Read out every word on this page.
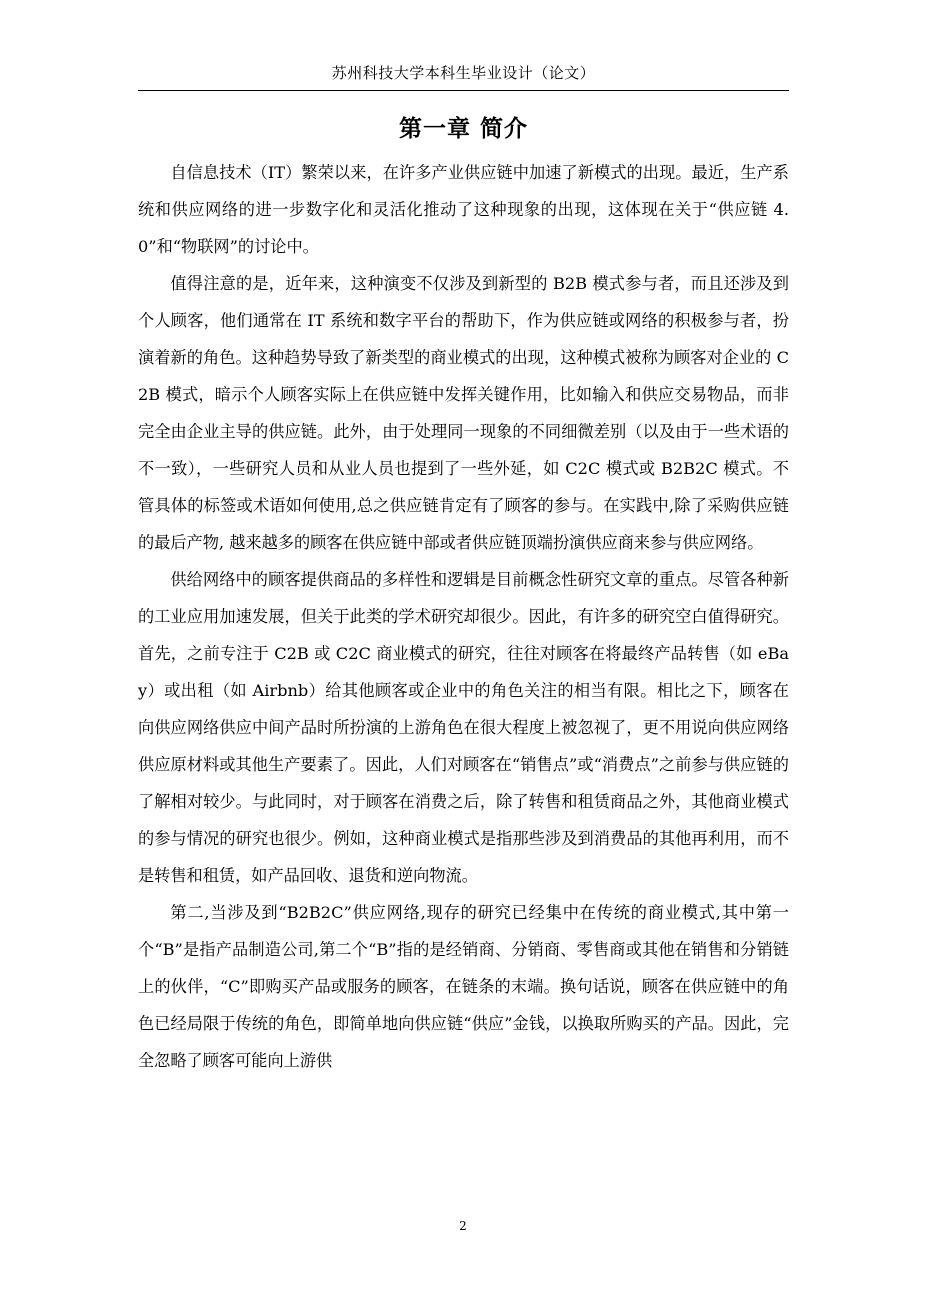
苏州科技大学本科生毕业设计（论文）
第一章 简介

自信息技术（IT）繁荣以来，在许多产业供应链中加速了新模式的出现。最近，生产系统和供应网络的进一步数字化和灵活化推动了这种现象的出现，这体现在关于“供应链 4.0”和“物联网”的讨论中。

值得注意的是，近年来，这种演变不仅涉及到新型的 B2B 模式参与者，而且还涉及到个人顾客，他们通常在 IT 系统和数字平台的帮助下，作为供应链或网络的积极参与者，扮演着新的角色。这种趋势导致了新类型的商业模式的出现，这种模式被称为顾客对企业的 C2B 模式，暗示个人顾客实际上在供应链中发挥关键作用，比如输入和供应交易物品，而非完全由企业主导的供应链。此外，由于处理同一现象的不同细微差别（以及由于一些术语的不一致），一些研究人员和从业人员也提到了一些外延，如 C2C 模式或 B2B2C 模式。不管具体的标签或术语如何使用,总之供应链肯定有了顾客的参与。在实践中,除了采购供应链的最后产物, 越来越多的顾客在供应链中部或者供应链顶端扮演供应商来参与供应网络。

供给网络中的顾客提供商品的多样性和逻辑是目前概念性研究文章的重点。尽管各种新的工业应用加速发展，但关于此类的学术研究却很少。因此，有许多的研究空白值得研究。首先，之前专注于 C2B 或 C2C 商业模式的研究，往往对顾客在将最终产品转售（如 eBay）或出租（如 Airbnb）给其他顾客或企业中的角色关注的相当有限。相比之下，顾客在向供应网络供应中间产品时所扮演的上游角色在很大程度上被忽视了，更不用说向供应网络供应原材料或其他生产要素了。因此，人们对顾客在“销售点”或“消费点”之前参与供应链的了解相对较少。与此同时，对于顾客在消费之后，除了转售和租赁商品之外，其他商业模式的参与情况的研究也很少。例如，这种商业模式是指那些涉及到消费品的其他再利用，而不是转售和租赁，如产品回收、退货和逆向物流。

第二,当涉及到“B2B2C”供应网络,现存的研究已经集中在传统的商业模式,其中第一个“B”是指产品制造公司,第二个“B”指的是经销商、分销商、零售商或其他在销售和分销链上的伙伴，“C”即购买产品或服务的顾客，在链条的末端。换句话说，顾客在供应链中的角色已经局限于传统的角色，即简单地向供应链“供应”金钱，以换取所购买的产品。因此，完全忽略了顾客可能向上游供

2
